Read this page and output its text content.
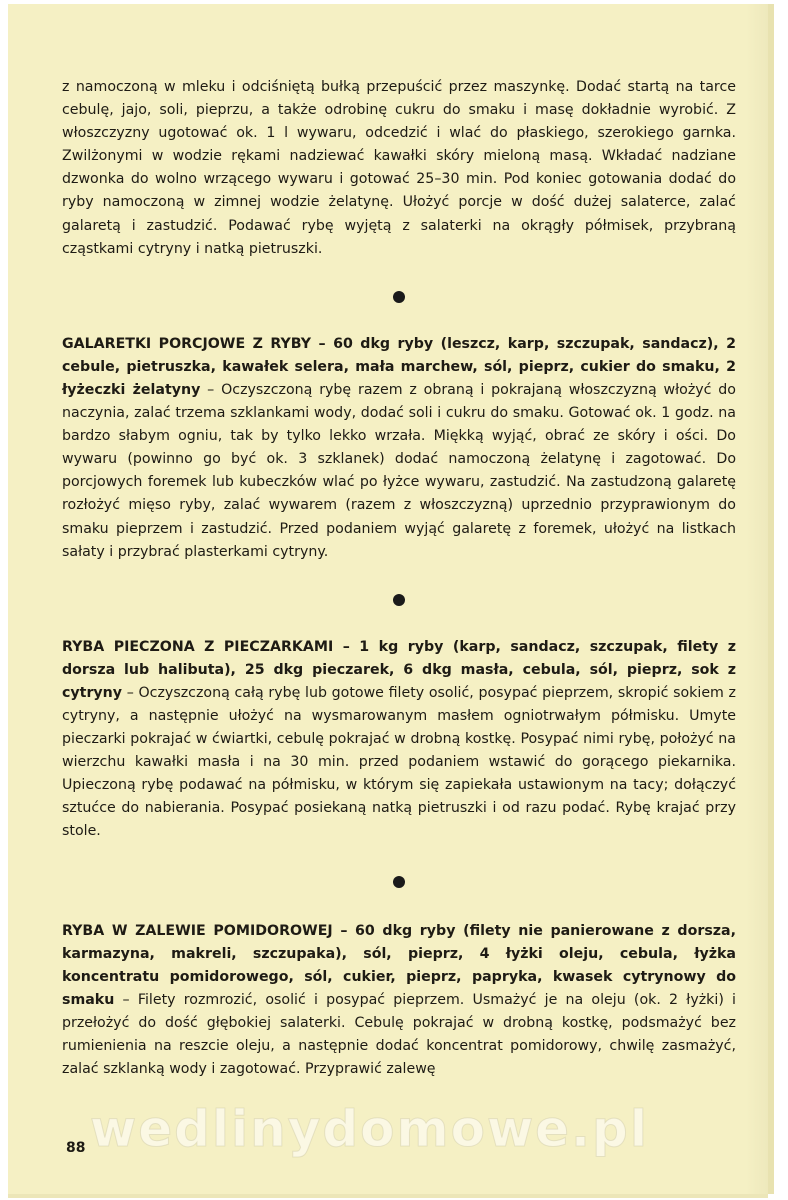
z namoczoną w mleku i odciśniętą bułką przepuścić przez maszynkę. Dodać startą na tarce cebulę, jajo, soli, pieprzu, a także odrobinę cukru do smaku i masę dokładnie wyrobić. Z włoszczyzny ugotować ok. 1 l wywaru, odcedzić i wlać do płaskiego, szerokiego garnka. Zwilżonymi w wodzie rękami nadziewać kawałki skóry mieloną masą. Wkładać nadziane dzwonka do wolno wrzącego wywaru i gotować 25–30 min. Pod koniec gotowania dodać do ryby namoczoną w zimnej wodzie żelatynę. Ułożyć porcje w dość dużej salaterce, zalać galaretą i zastudzić. Podawać rybę wyjętą z salaterki na okrągły półmisek, przybraną cząstkami cytryny i natką pietruszki.

GALARETKI PORCJOWE Z RYBY – 60 dkg ryby (leszcz, karp, szczupak, sandacz), 2 cebule, pietruszka, kawałek selera, mała marchew, sól, pieprz, cukier do smaku, 2 łyżeczki żelatyny – Oczyszczoną rybę razem z obraną i pokrajaną włoszczyzną włożyć do naczynia, zalać trzema szklankami wody, dodać soli i cukru do smaku. Gotować ok. 1 godz. na bardzo słabym ogniu, tak by tylko lekko wrzała. Miękką wyjąć, obrać ze skóry i ości. Do wywaru (powinno go być ok. 3 szklanek) dodać namoczoną żelatynę i zagotować. Do porcjowych foremek lub kubeczków wlać po łyżce wywaru, zastudzić. Na zastudzoną galaretę rozłożyć mięso ryby, zalać wywarem (razem z włoszczyzną) uprzednio przyprawionym do smaku pieprzem i zastudzić. Przed podaniem wyjąć galaretę z foremek, ułożyć na listkach sałaty i przybrać plasterkami cytryny.

RYBA PIECZONA Z PIECZARKAMI – 1 kg ryby (karp, sandacz, szczupak, filety z dorsza lub halibuta), 25 dkg pieczarek, 6 dkg masła, cebula, sól, pieprz, sok z cytryny – Oczyszczoną całą rybę lub gotowe filety osolić, posypać pieprzem, skropić sokiem z cytryny, a następnie ułożyć na wysmarowanym masłem ogniotrwałym półmisku. Umyte pieczarki pokrajać w ćwiartki, cebulę pokrajać w drobną kostkę. Posypać nimi rybę, położyć na wierzchu kawałki masła i na 30 min. przed podaniem wstawić do gorącego piekarnika. Upieczoną rybę podawać na półmisku, w którym się zapiekała ustawionym na tacy; dołączyć sztućce do nabierania. Posypać posiekaną natką pietruszki i od razu podać. Rybę krajać przy stole.

RYBA W ZALEWIE POMIDOROWEJ – 60 dkg ryby (filety nie panierowane z dorsza, karmazyna, makreli, szczupaka), sól, pieprz, 4 łyżki oleju, cebula, łyżka koncentratu pomidorowego, sól, cukier, pieprz, papryka, kwasek cytrynowy do smaku – Filety rozmrozić, osolić i posypać pieprzem. Usmażyć je na oleju (ok. 2 łyżki) i przełożyć do dość głębokiej salaterki. Cebulę pokrajać w drobną kostkę, podsmażyć bez rumienienia na reszcie oleju, a następnie dodać koncentrat pomidorowy, chwilę zasmażyć, zalać szklanką wody i zagotować. Przyprawić zalewę

wedlinydomowe.pl
88
